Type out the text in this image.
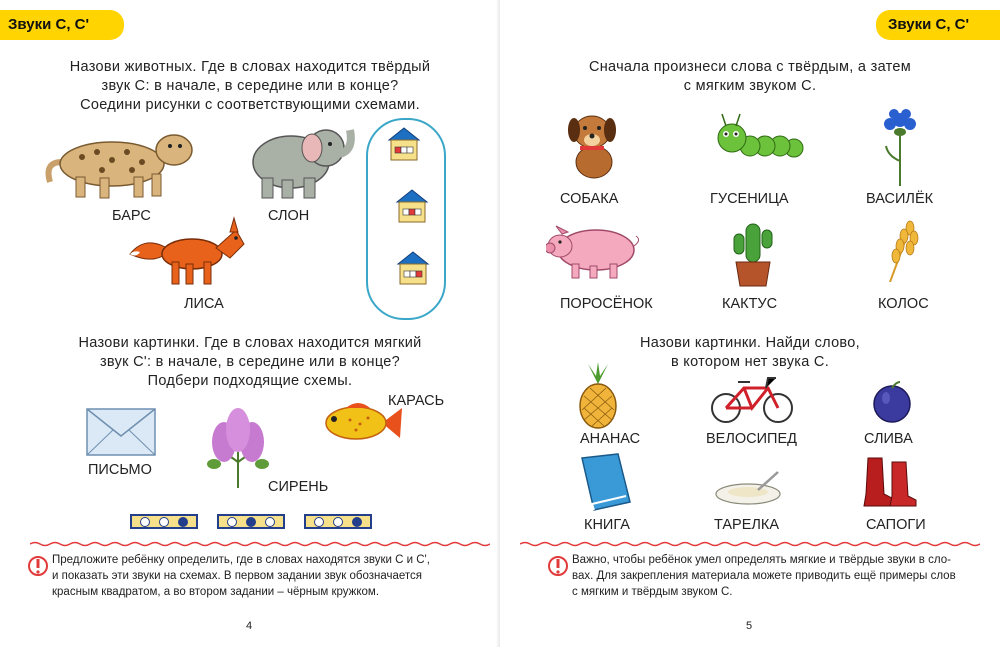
Звуки С, С'
Назови животных. Где в словах находится твёрдый
звук С: в начале, в середине или в конце?
Соедини рисунки с соответствующими схемами.
БАРС	СЛОН
ЛИСА
Назови картинки. Где в словах находится мягкий
звук С': в начале, в середине или в конце?
Подбери подходящие схемы.
ПИСЬМО
СИРЕНЬ
КАРАСЬ
Предложите ребёнку определить, где в словах находятся звуки С и С',
и показать эти звуки на схемах. В первом задании звук обозначается
красным квадратом, а во втором задании – чёрным кружком.
4
Звуки С, С'
Сначала произнеси слова с твёрдым, а затем
с мягким звуком С.
СОБАКА	ГУСЕНИЦА	ВАСИЛЁК
ПОРОСЁНОК	КАКТУС	КОЛОС
Назови картинки. Найди слово,
в котором нет звука С.
АНАНАС	ВЕЛОСИПЕД	СЛИВА
КНИГА	ТАРЕЛКА	САПОГИ
Важно, чтобы ребёнок умел определять мягкие и твёрдые звуки в сло-
вах. Для закрепления материала можете приводить ещё примеры слов
с мягким и твёрдым звуком С.
5
